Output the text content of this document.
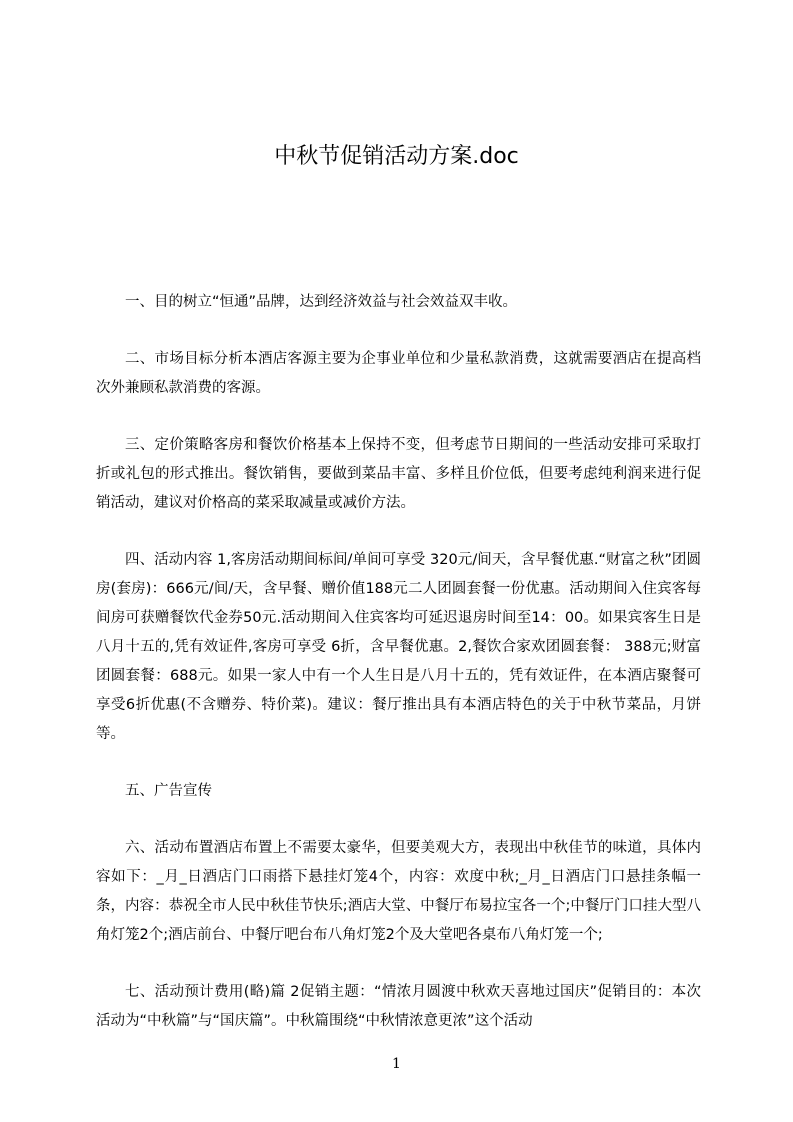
中秋节促销活动方案.doc

一、目的树立“恒通”品牌，达到经济效益与社会效益双丰收。

二、市场目标分析本酒店客源主要为企事业单位和少量私款消费，这就需要酒店在提高档次外兼顾私款消费的客源。

三、定价策略客房和餐饮价格基本上保持不变，但考虑节日期间的一些活动安排可采取打折或礼包的形式推出。餐饮销售，要做到菜品丰富、多样且价位低，但要考虑纯利润来进行促销活动，建议对价格高的菜采取减量或减价方法。

四、活动内容 1,客房活动期间标间/单间可享受 320元/间天，含早餐优惠.“财富之秋”团圆房(套房)：666元/间/天，含早餐、赠价值188元二人团圆套餐一份优惠。活动期间入住宾客每间房可获赠餐饮代金券50元.活动期间入住宾客均可延迟退房时间至14：00。如果宾客生日是八月十五的,凭有效证件,客房可享受 6折，含早餐优惠。2,餐饮合家欢团圆套餐： 388元;财富团圆套餐：688元。如果一家人中有一个人生日是八月十五的，凭有效证件，在本酒店聚餐可享受6折优惠(不含赠券、特价菜)。建议：餐厅推出具有本酒店特色的关于中秋节菜品，月饼等。

五、广告宣传

六、活动布置酒店布置上不需要太豪华，但要美观大方，表现出中秋佳节的味道，具体内容如下：_月_日酒店门口雨搭下悬挂灯笼4个，内容：欢度中秋;_月_日酒店门口悬挂条幅一条，内容：恭祝全市人民中秋佳节快乐;酒店大堂、中餐厅布易拉宝各一个;中餐厅门口挂大型八角灯笼2个;酒店前台、中餐厅吧台布八角灯笼2个及大堂吧各桌布八角灯笼一个;

七、活动预计费用(略)篇 2促销主题：“情浓月圆渡中秋欢天喜地过国庆”促销目的：本次活动为“中秋篇”与“国庆篇”。中秋篇围绕“中秋情浓意更浓”这个活动

1
